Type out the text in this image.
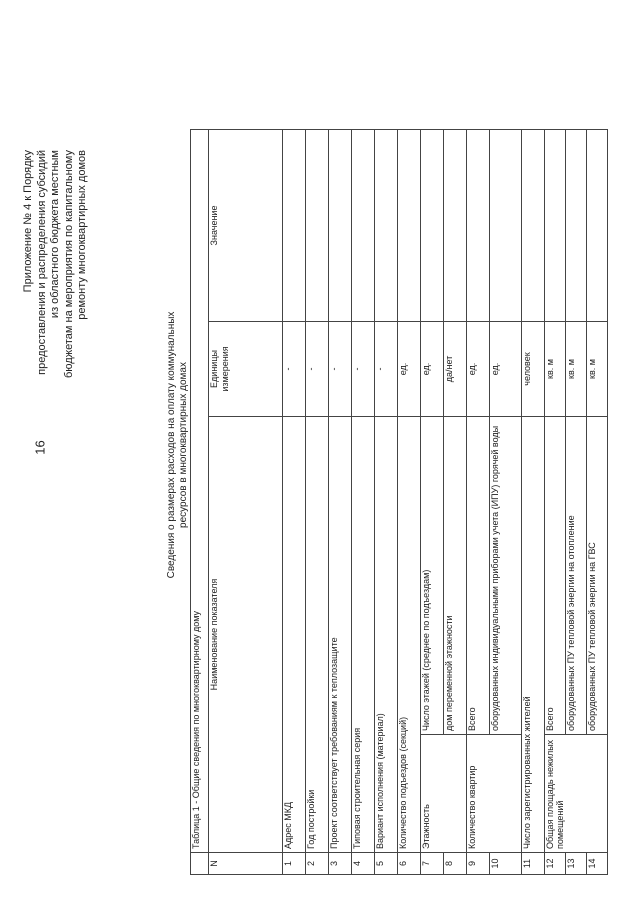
16
Приложение № 4 к Порядку предоставления и распределения субсидий из областного бюджета местным бюджетам на мероприятия по капитальному ремонту многоквартирных домов
Сведения о размерах расходов на оплату коммунальных ресурсов в многоквартирных домах
	Таблица 1 - Общие сведения по многоквартирному дому			
N	Наименование показателя		Единицы измерения	Значение
1	Адрес МКД		-	
2	Год постройки		-	
3	Проект соответствует требованиям к теплозащите		-	
4	Типовая строительная серия		-	
5	Вариант исполнения (материал)		-	
6	Количество подъездов (секций)		ед.	
7	Этажность	Число этажей (среднее по подъездам)	ед.	
8		дом переменной этажности	да/нет	
9	Количество квартир	Всего	ед.	
10		оборудованных индивидуальными приборами учета (ИПУ) горячей воды	ед.	
11	Число зарегистрированных жителей		человек	
12	Общая площадь нежилых помещений	Всего	кв. м	
13		оборудованных ПУ тепловой энергии на отопление	кв. м	
14		оборудованных ПУ тепловой энергии на ГВС	кв. м	
